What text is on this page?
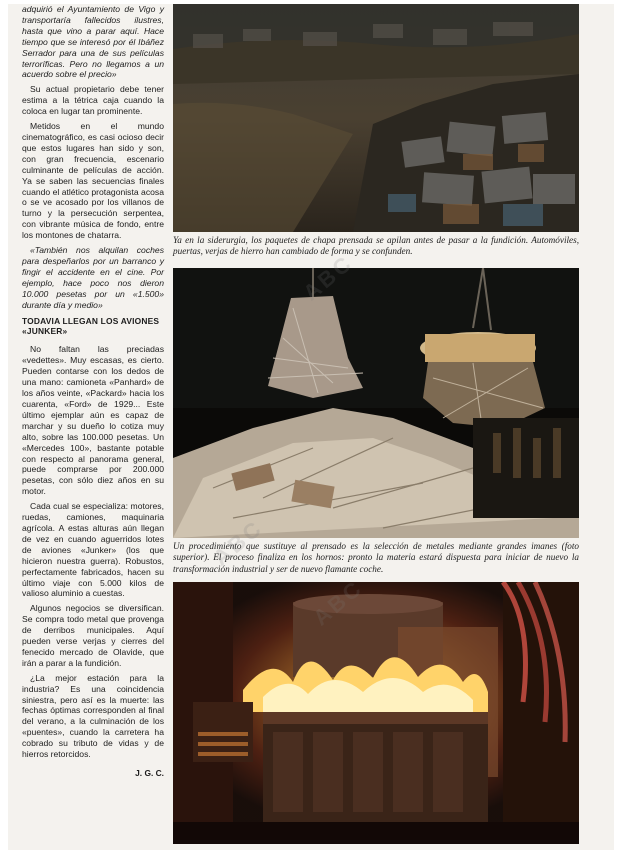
adquirió el Ayuntamiento de Vigo y transportaría fallecidos ilustres, hasta que vino a parar aquí. Hace tiempo que se interesó por él Ibáñez Serrador para una de sus películas terroríficas. Pero no llegamos a un acuerdo sobre el precio»

Su actual propietario debe tener estima a la tétrica caja cuando la coloca en lugar tan prominente.

Metidos en el mundo cinematográfico, es casi ocioso decir que estos lugares han sido y son, con gran frecuencia, escenario culminante de películas de acción. Ya se saben las secuencias finales cuando el atlético protagonista acosa o se ve acosado por los villanos de turno y la persecución serpentea, con vibrante música de fondo, entre los montones de chatarra.

«También nos alquilan coches para despeñarlos por un barranco y fingir el accidente en el cine. Por ejemplo, hace poco nos dieron 10.000 pesetas por un «1.500» durante día y medio»

TODAVIA LLEGAN LOS AVIONES «JUNKER»

No faltan las preciadas «vedettes». Muy escasas, es cierto. Pueden contarse con los dedos de una mano: camioneta «Panhard» de los años veinte, «Packard» hacia los cuarenta, «Ford» de 1929... Este último ejemplar aún es capaz de marchar y su dueño lo cotiza muy alto, sobre las 100.000 pesetas. Un «Mercedes 100», bastante potable con respecto al panorama general, puede comprarse por 200.000 pesetas, con sólo diez años en su motor.

Cada cual se especializa: motores, ruedas, camiones, maquinaria agrícola. A estas alturas aún llegan de vez en cuando aguerridos lotes de aviones «Junker» (los que hicieron nuestra guerra). Robustos, perfectamente fabricados, hacen su último viaje con 5.000 kilos de valioso aluminio a cuestas.

Algunos negocios se diversifican. Se compra todo metal que provenga de derribos municipales. Aquí pueden verse verjas y cierres del fenecido mercado de Olavide, que irán a parar a la fundición.

¿La mejor estación para la industria? Es una coincidencia siniestra, pero así es la muerte: las fechas óptimas corresponden al final del verano, a la culminación de los «puentes», cuando la carretera ha cobrado su tributo de vidas y de hierros retorcidos.

J. G. C.
Ya en la siderurgia, los paquetes de chapa prensada se apilan antes de pasar a la fundición. Automóviles, puertas, verjas de hierro han cambiado de forma y se confunden.
Un procedimiento que sustituye al prensado es la selección de metales mediante grandes imanes (foto superior). El proceso finaliza en los hornos: pronto la materia estará dispuesta para iniciar de nuevo la transformación industrial y ser de nuevo flamante coche.
